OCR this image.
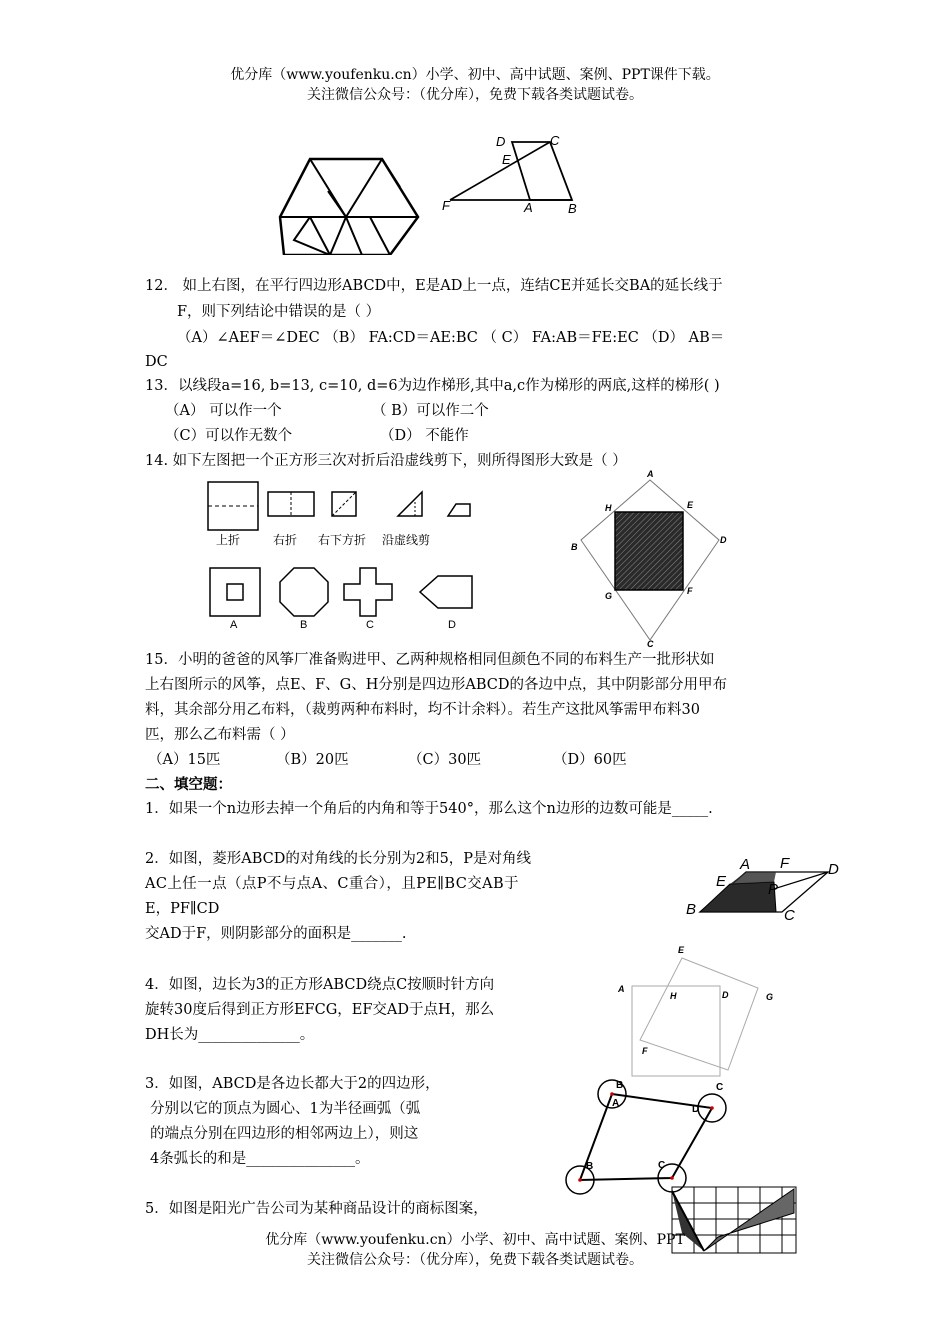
优分库（www.youfenku.cn）小学、初中、高中试题、案例、PPT课件下载。
关注微信公众号：（优分库），免费下载各类试题试卷。
D	C
E
F	A	B
12． 如上右图，在平行四边形ABCD中，E是AD上一点，连结CE并延长交BA的延长线于
F，则下列结论中错误的是（ ）
（A）∠AEF＝∠DEC （B） FA:CD＝AE:BC （ C） FA:AB＝FE:EC （D） AB＝
DC
13．以线段a=16, b=13, c=10, d=6为边作梯形,其中a,c作为梯形的两底,这样的梯形( )
（A） 可以作一个	（ B）可以作二个
（C）可以作无数个	（D） 不能作
14. 如下左图把一个正方形三次对折后沿虚线剪下，则所得图形大致是（ ）
上折	右折 右下方折 沿虚线剪
A	B	C	D
A
H	E
B
D
G	F
C
15．小明的爸爸的风筝厂准备购进甲、乙两种规格相同但颜色不同的布料生产一批形状如
上右图所示的风筝，点E、F、G、H分别是四边形ABCD的各边中点，其中阴影部分用甲布
料，其余部分用乙布料，（裁剪两种布料时，均不计余料）。若生产这批风筝需甲布料30
匹，那么乙布料需（ ）
（A）15匹	（B）20匹	（C）30匹	（D）60匹
二、填空题：
1．如果一个n边形去掉一个角后的内角和等于540°，那么这个n边形的边数可能是_____.
2．如图，菱形ABCD的对角线的长分别为2和5，P是对角线
AC上任一点（点P不与点A、C重合），且PE∥BC交AB于
E，PF∥CD
交AD于F，则阴影部分的面积是_______.
A F	D
E	P
B	C
4．如图，边长为3的正方形ABCD绕点C按顺时针方向
旋转30度后得到正方形EFCG，EF交AD于点H，那么
DH长为______________。
E
A
H	D	G
F
3．如图，ABCD是各边长都大于2的四边形，
分别以它的顶点为圆心、1为半径画弧（弧
的端点分别在四边形的相邻两边上），则这
4条弧长的和是_______________。
B
A
C
D
B	C
5．如图是阳光广告公司为某种商品设计的商标图案，
优分库（www.youfenku.cn）小学、初中、高中试题、案例、PPT
关注微信公众号：（优分库），免费下载各类试题试卷。
